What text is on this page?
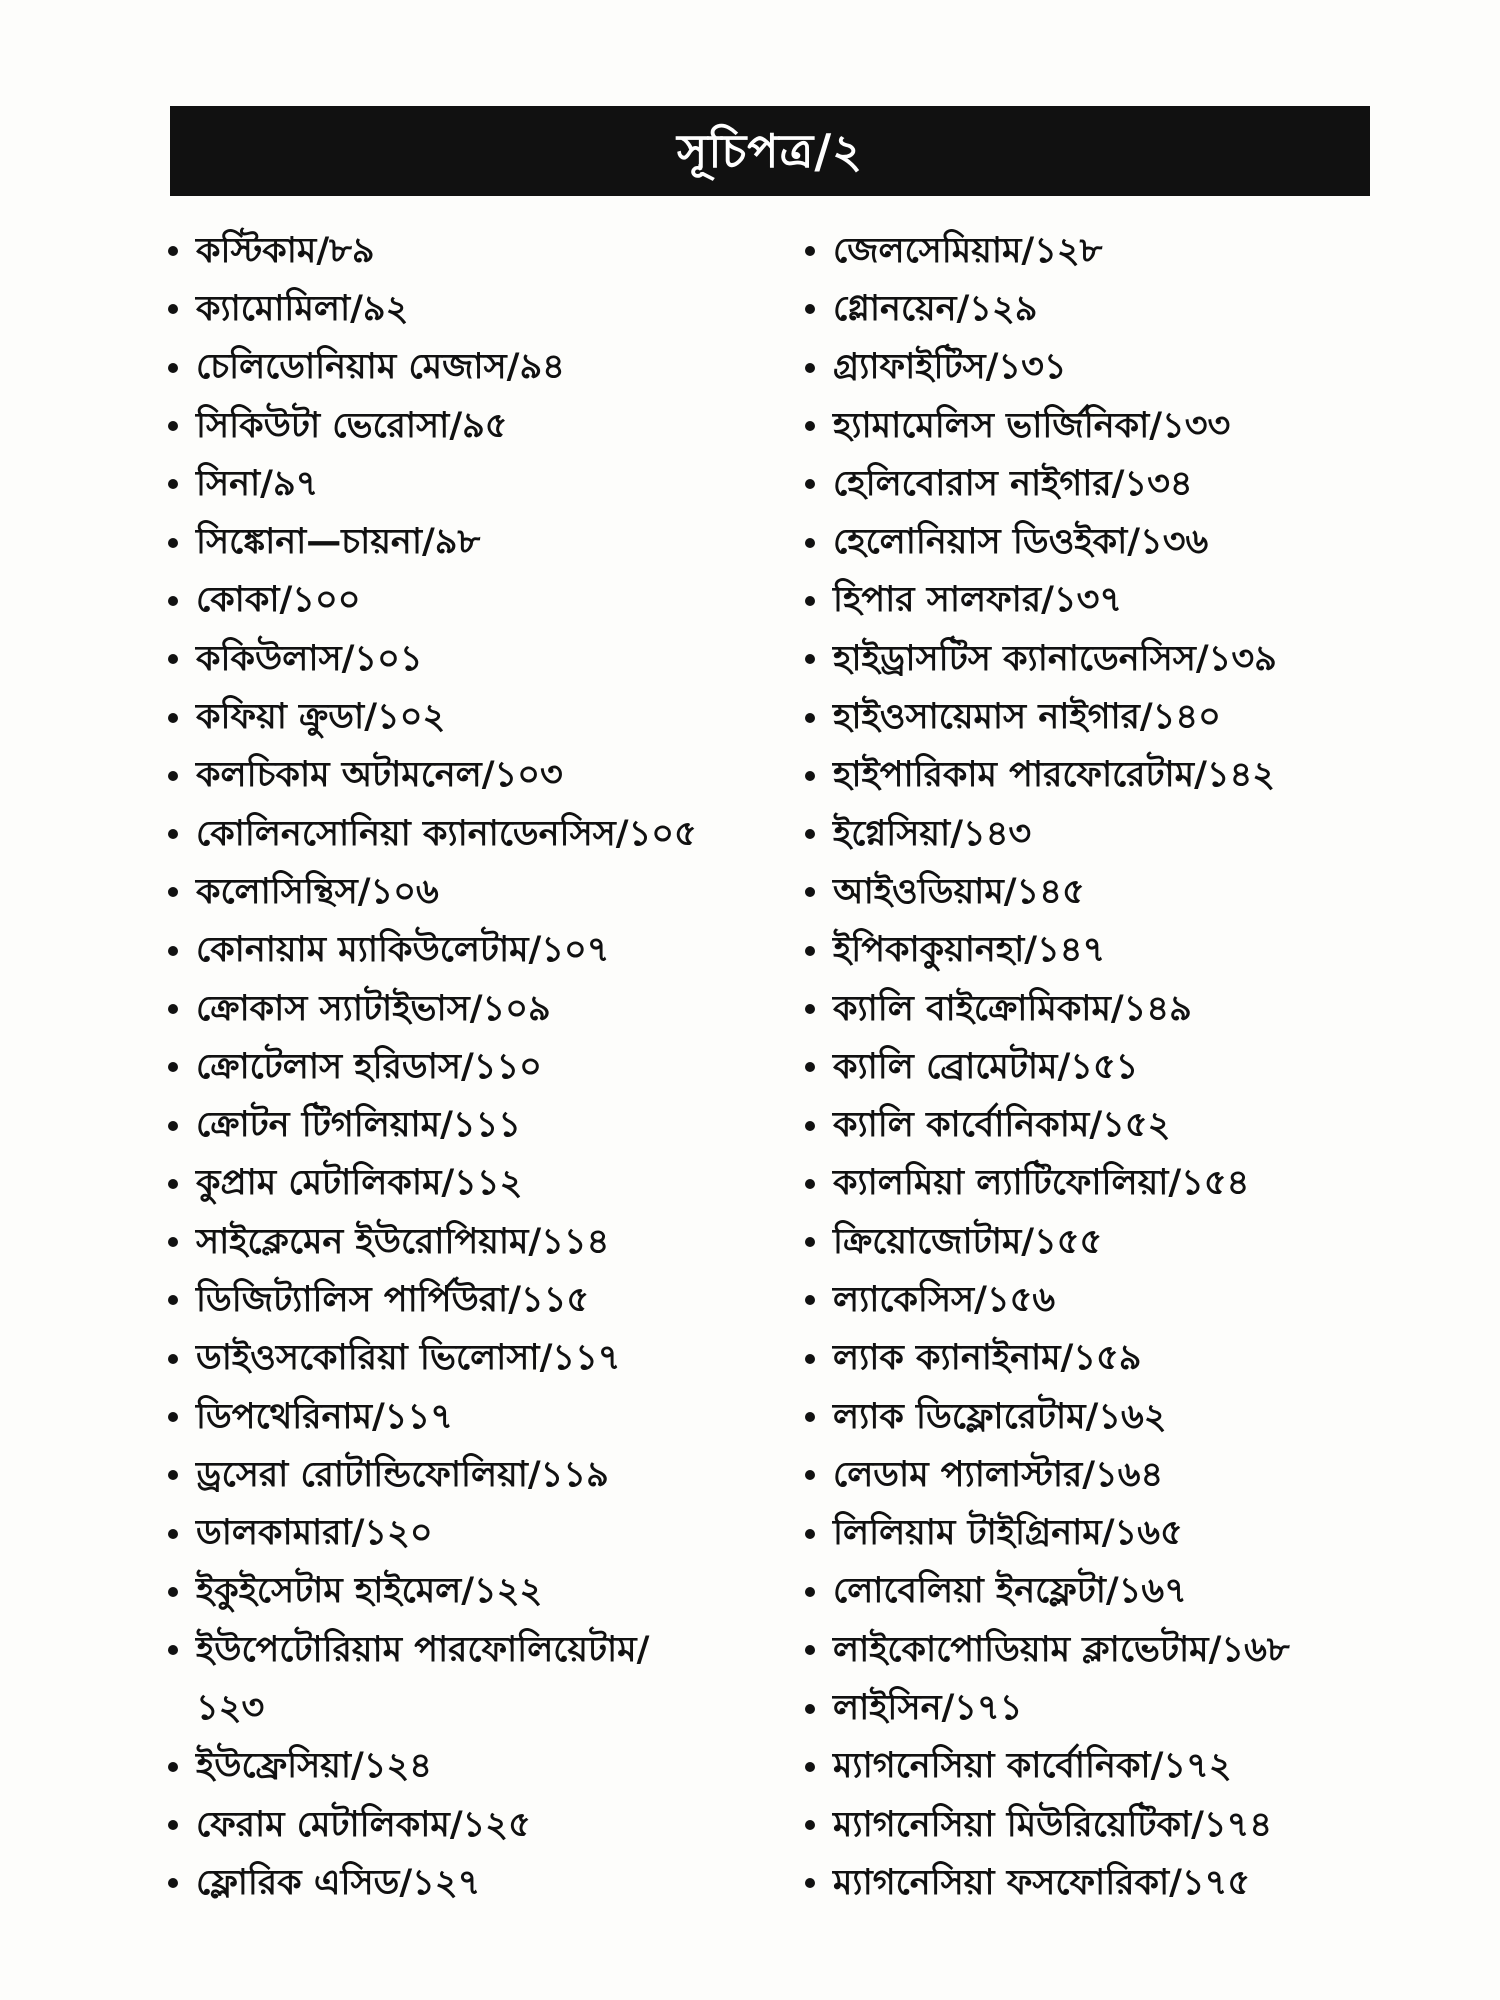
সূচিপত্র/২
কস্টিকাম/৮৯
ক্যামোমিলা/৯২
চেলিডোনিয়াম মেজাস/৯৪
সিকিউটা ভেরোসা/৯৫
সিনা/৯৭
সিঙ্কোনা—চায়না/৯৮
কোকা/১০০
ককিউলাস/১০১
কফিয়া ক্রুডা/১০২
কলচিকাম অটামনেল/১০৩
কোলিনসোনিয়া ক্যানাডেনসিস/১০৫
কলোসিন্থিস/১০৬
কোনায়াম ম্যাকিউলেটাম/১০৭
ক্রোকাস স্যাটাইভাস/১০৯
ক্রোটেলাস হরিডাস/১১০
ক্রোটন টিগলিয়াম/১১১
কুপ্রাম মেটালিকাম/১১২
সাইক্লেমেন ইউরোপিয়াম/১১৪
ডিজিট্যালিস পার্পিউরা/১১৫
ডাইওসকোরিয়া ভিলোসা/১১৭
ডিপথেরিনাম/১১৭
ড্রসেরা রোটান্ডিফোলিয়া/১১৯
ডালকামারা/১২০
ইকুইসেটাম হাইমেল/১২২
ইউপেটোরিয়াম পারফোলিয়েটাম/১২৩
ইউফ্রেসিয়া/১২৪
ফেরাম মেটালিকাম/১২৫
ফ্লোরিক এসিড/১২৭
জেলসেমিয়াম/১২৮
গ্লোনয়েন/১২৯
গ্র্যাফাইটিস/১৩১
হ্যামামেলিস ভার্জিনিকা/১৩৩
হেলিবোরাস নাইগার/১৩৪
হেলোনিয়াস ডিওইকা/১৩৬
হিপার সালফার/১৩৭
হাইড্রাসটিস ক্যানাডেনসিস/১৩৯
হাইওসায়েমাস নাইগার/১৪০
হাইপারিকাম পারফোরেটাম/১৪২
ইগ্নেসিয়া/১৪৩
আইওডিয়াম/১৪৫
ইপিকাকুয়ানহা/১৪৭
ক্যালি বাইক্রোমিকাম/১৪৯
ক্যালি ব্রোমেটাম/১৫১
ক্যালি কার্বোনিকাম/১৫২
ক্যালমিয়া ল্যাটিফোলিয়া/১৫৪
ক্রিয়োজোটাম/১৫৫
ল্যাকেসিস/১৫৬
ল্যাক ক্যানাইনাম/১৫৯
ল্যাক ডিফ্লোরেটাম/১৬২
লেডাম প্যালাস্টার/১৬৪
লিলিয়াম টাইগ্রিনাম/১৬৫
লোবেলিয়া ইনফ্লেটা/১৬৭
লাইকোপোডিয়াম ক্লাভেটাম/১৬৮
লাইসিন/১৭১
ম্যাগনেসিয়া কার্বোনিকা/১৭২
ম্যাগনেসিয়া মিউরিয়েটিকা/১৭৪
ম্যাগনেসিয়া ফসফোরিকা/১৭৫
